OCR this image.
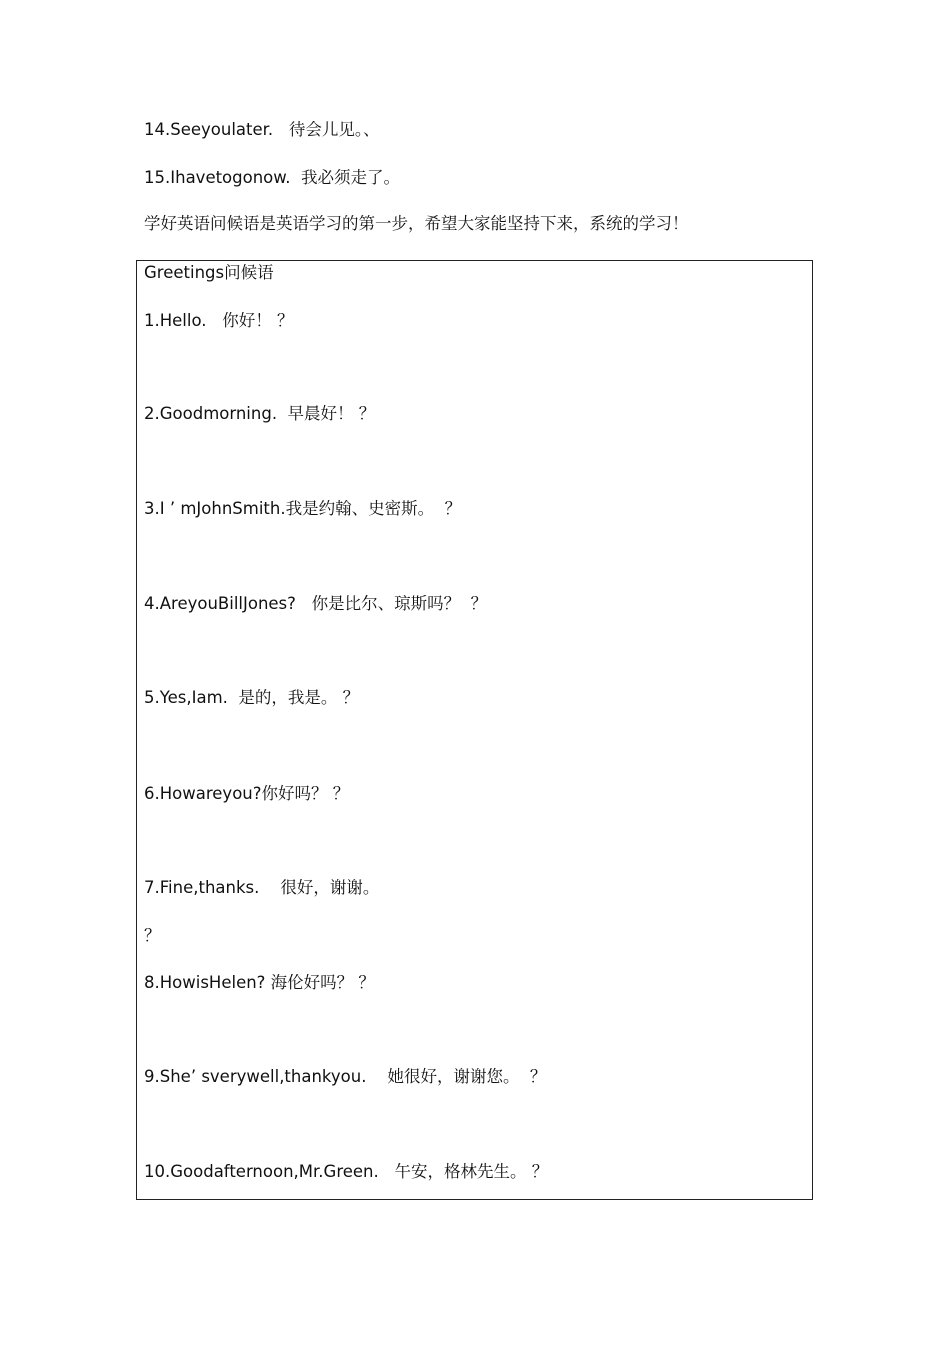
14.Seeyoulater.   待会儿见。、
15.Ihavetogonow.  我必须走了。
学好英语问候语是英语学习的第一步，希望大家能坚持下来，系统的学习！
Greetings问候语
1.Hello.   你好！ ？
2.Goodmorning.  早晨好！ ？
3.I ’ mJohnSmith.我是约翰、史密斯。  ？
4.AreyouBillJones?   你是比尔、琼斯吗？  ？
5.Yes,Iam.  是的，我是。 ？
6.Howareyou?你好吗？ ？
7.Fine,thanks.    很好，谢谢。
？
8.HowisHelen? 海伦好吗？ ？
9.She’ sverywell,thankyou.    她很好，谢谢您。  ？
10.Goodafternoon,Mr.Green.   午安，格林先生。 ？
